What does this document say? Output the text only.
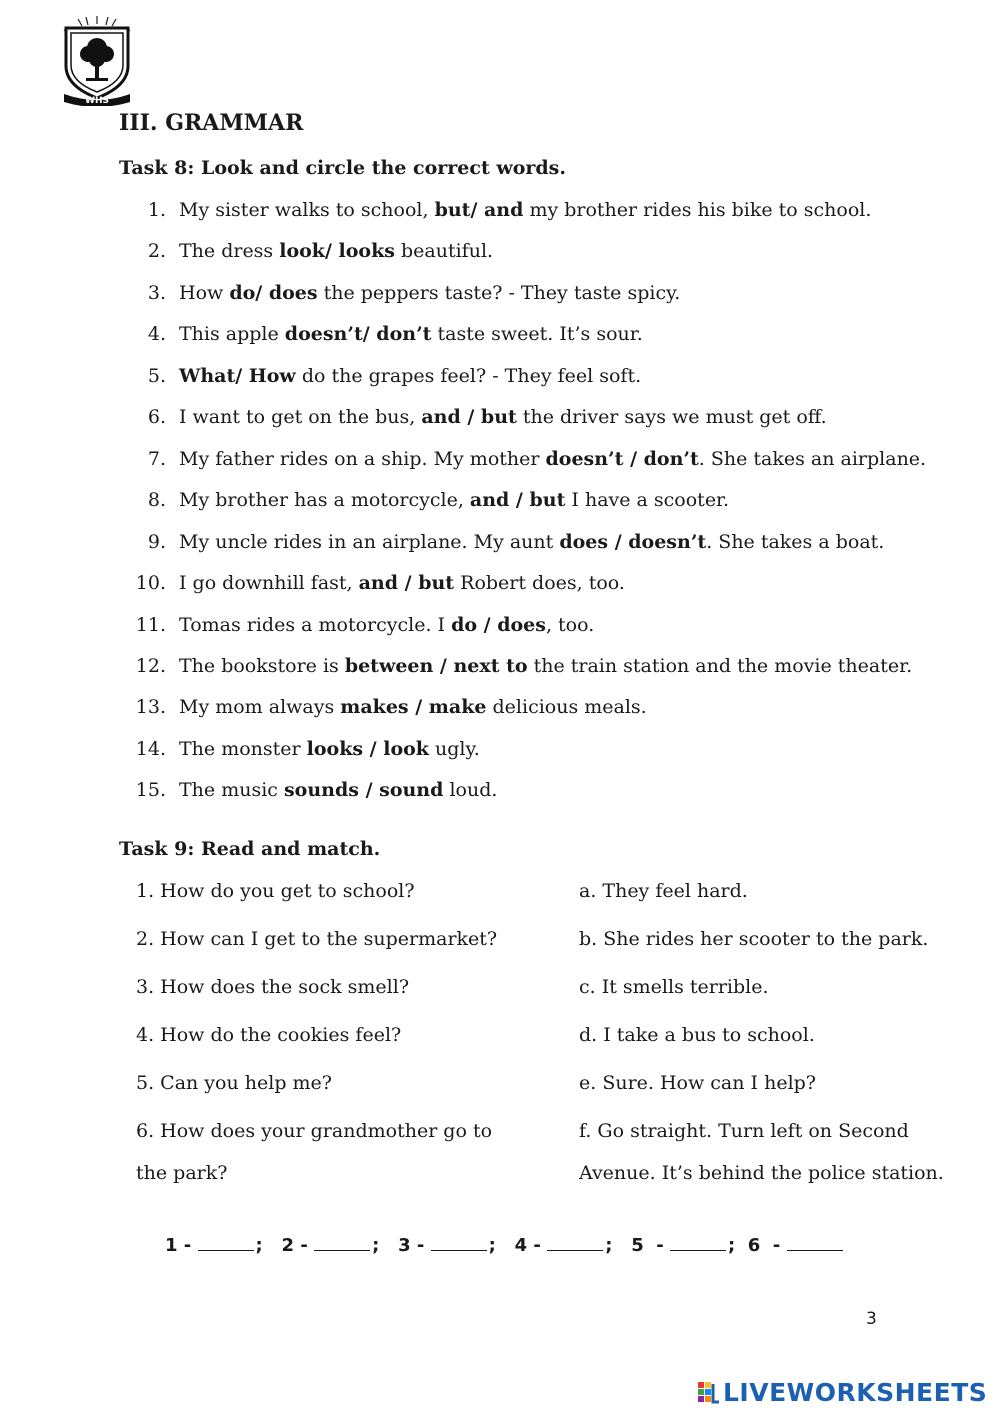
WHS
III. GRAMMAR
Task 8: Look and circle the correct words.
1. My sister walks to school, but/ and my brother rides his bike to school.
2. The dress look/ looks beautiful.
3. How do/ does the peppers taste? - They taste spicy.
4. This apple doesn’t/ don’t taste sweet. It’s sour.
5. What/ How do the grapes feel? - They feel soft.
6. I want to get on the bus, and / but the driver says we must get off.
7. My father rides on a ship. My mother doesn’t / don’t. She takes an airplane.
8. My brother has a motorcycle, and / but I have a scooter.
9. My uncle rides in an airplane. My aunt does / doesn’t. She takes a boat.
10. I go downhill fast, and / but Robert does, too.
11. Tomas rides a motorcycle. I do / does, too.
12. The bookstore is between / next to the train station and the movie theater.
13. My mom always makes / make delicious meals.
14. The monster looks / look ugly.
15. The music sounds / sound loud.
Task 9: Read and match.
1. How do you get to school?	a. They feel hard.
2. How can I get to the supermarket?	b. She rides her scooter to the park.
3. How does the sock smell?	c. It smells terrible.
4. How do the cookies feel?	d. I take a bus to school.
5. Can you help me?	e. Sure. How can I help?
6. How does your grandmother go to the park?
f. Go straight. Turn left on Second Avenue. It’s behind the police station.
1 -	;   2 -	;   3 -	;   4 -	;   5  -	;  6  -
3
LIVEWORKSHEETS
